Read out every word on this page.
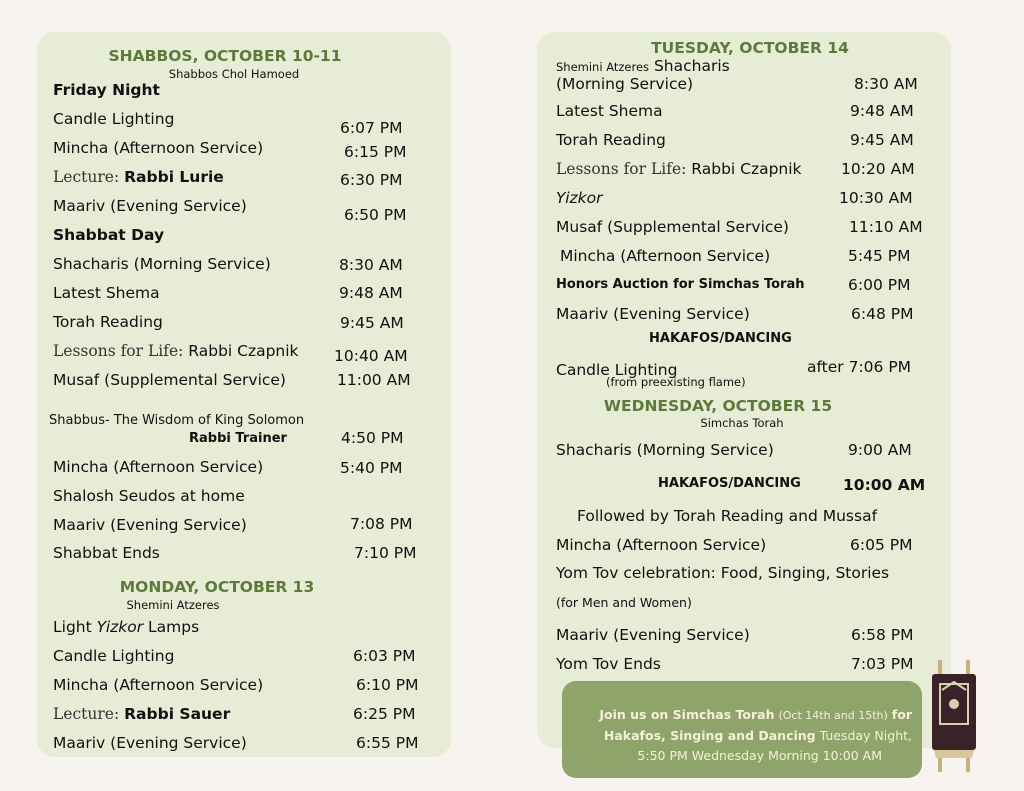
SHABBOS, OCTOBER 10-11
Shabbos Chol Hamoed
Friday Night
Candle Lighting	6:07 PM
Mincha (Afternoon Service)	6:15 PM
Lecture: Rabbi Lurie	6:30 PM
Maariv (Evening Service)	6:50 PM
Shabbat Day
Shacharis (Morning Service)	8:30 AM
Latest Shema	9:48 AM
Torah Reading	9:45 AM
Lessons for Life: Rabbi Czapnik 10:40 AM
Musaf (Supplemental Service)	11:00 AM
Shabbus- The Wisdom of King Solomon
Rabbi Trainer	4:50 PM
Mincha (Afternoon Service)	5:40 PM
Shalosh Seudos at home
Maariv (Evening Service)	7:08 PM
Shabbat Ends	7:10 PM
MONDAY, OCTOBER 13
Shemini Atzeres
Light Yizkor Lamps
Candle Lighting	6:03 PM
Mincha (Afternoon Service)	6:10 PM
Lecture: Rabbi Sauer	6:25 PM
Maariv (Evening Service)	6:55 PM
TUESDAY, OCTOBER 14
Shemini Atzeres Shacharis
(Morning Service)	8:30 AM
Latest Shema	9:48 AM
Torah Reading	9:45 AM
Lessons for Life: Rabbi Czapnik	10:20 AM
Yizkor	10:30 AM
Musaf (Supplemental Service)	11:10 AM
Mincha (Afternoon Service)	5:45 PM
Honors Auction for Simchas Torah	6:00 PM
Maariv (Evening Service)	6:48 PM
HAKAFOS/DANCING
Candle Lighting	after 7:06 PM
(from preexisting flame)
WEDNESDAY, OCTOBER 15
Simchas Torah
Shacharis (Morning Service)	9:00 AM
HAKAFOS/DANCING	10:00 AM
Followed by Torah Reading and Mussaf
Mincha (Afternoon Service)	6:05 PM
Yom Tov celebration: Food, Singing, Stories
(for Men and Women)
Maariv (Evening Service)	6:58 PM
Yom Tov Ends	7:03 PM
Join us on Simchas Torah (Oct 14th and 15th) for
Hakafos, Singing and Dancing Tuesday Night,
5:50 PM Wednesday Morning 10:00 AM
